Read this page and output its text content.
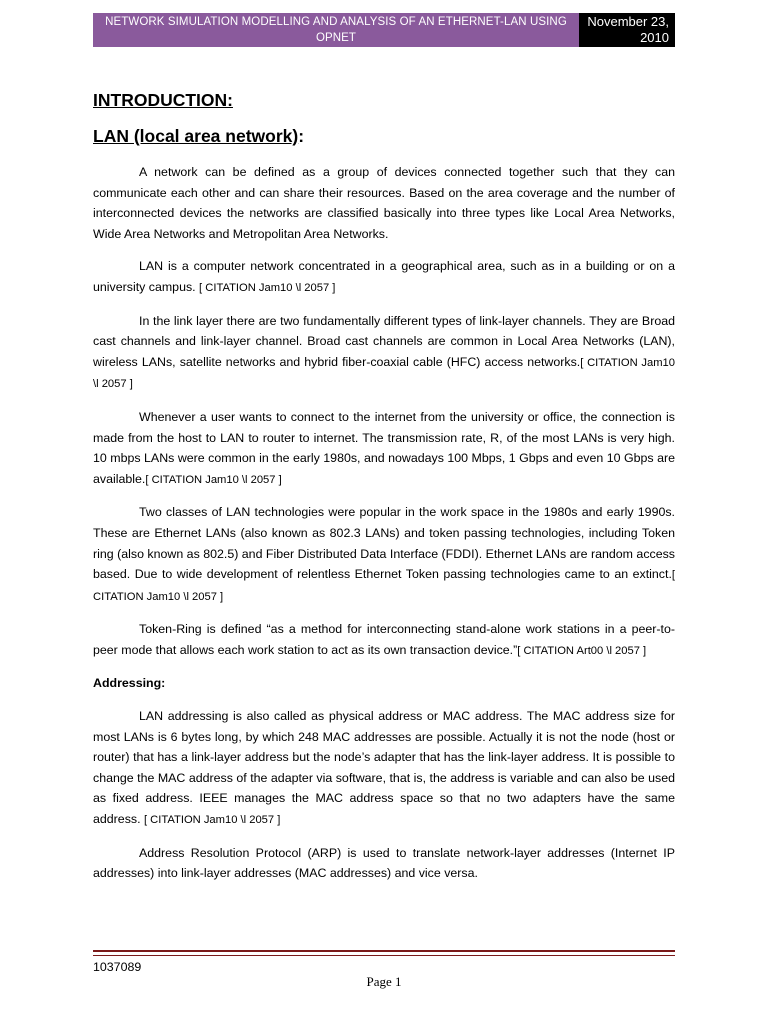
NETWORK SIMULATION MODELLING AND ANALYSIS OF AN ETHERNET-LAN USING OPNET
November 23, 2010
INTRODUCTION:
LAN (local area network):

A network can be defined as a group of devices connected together such that they can communicate each other and can share their resources. Based on the area coverage and the number of interconnected devices the networks are classified basically into three types like Local Area Networks, Wide Area Networks and Metropolitan Area Networks.

LAN is a computer network concentrated in a geographical area, such as in a building or on a university campus. [ CITATION Jam10 \l 2057 ]

In the link layer there are two fundamentally different types of link-layer channels. They are Broad cast channels and link-layer channel. Broad cast channels are common in Local Area Networks (LAN), wireless LANs, satellite networks and hybrid fiber-coaxial cable (HFC) access networks.[ CITATION Jam10 \l 2057 ]

Whenever a user wants to connect to the internet from the university or office, the connection is made from the host to LAN to router to internet. The transmission rate, R, of the most LANs is very high. 10 mbps LANs were common in the early 1980s, and nowadays 100 Mbps, 1 Gbps and even 10 Gbps are available.[ CITATION Jam10 \l 2057 ]

Two classes of LAN technologies were popular in the work space in the 1980s and early 1990s. These are Ethernet LANs (also known as 802.3 LANs) and token passing technologies, including Token ring (also known as 802.5) and Fiber Distributed Data Interface (FDDI). Ethernet LANs are random access based. Due to wide development of relentless Ethernet Token passing technologies came to an extinct.[ CITATION Jam10 \l 2057 ]

Token-Ring is defined “as a method for interconnecting stand-alone work stations in a peer-to-peer mode that allows each work station to act as its own transaction device.”[ CITATION Art00 \l 2057 ]

Addressing:

LAN addressing is also called as physical address or MAC address. The MAC address size for most LANs is 6 bytes long, by which 248 MAC addresses are possible. Actually it is not the node (host or router) that has a link-layer address but the node’s adapter that has the link-layer address. It is possible to change the MAC address of the adapter via software, that is, the address is variable and can also be used as fixed address. IEEE manages the MAC address space so that no two adapters have the same address. [ CITATION Jam10 \l 2057 ]

Address Resolution Protocol (ARP) is used to translate network-layer addresses (Internet IP addresses) into link-layer addresses (MAC addresses) and vice versa.

1037089
Page 1
